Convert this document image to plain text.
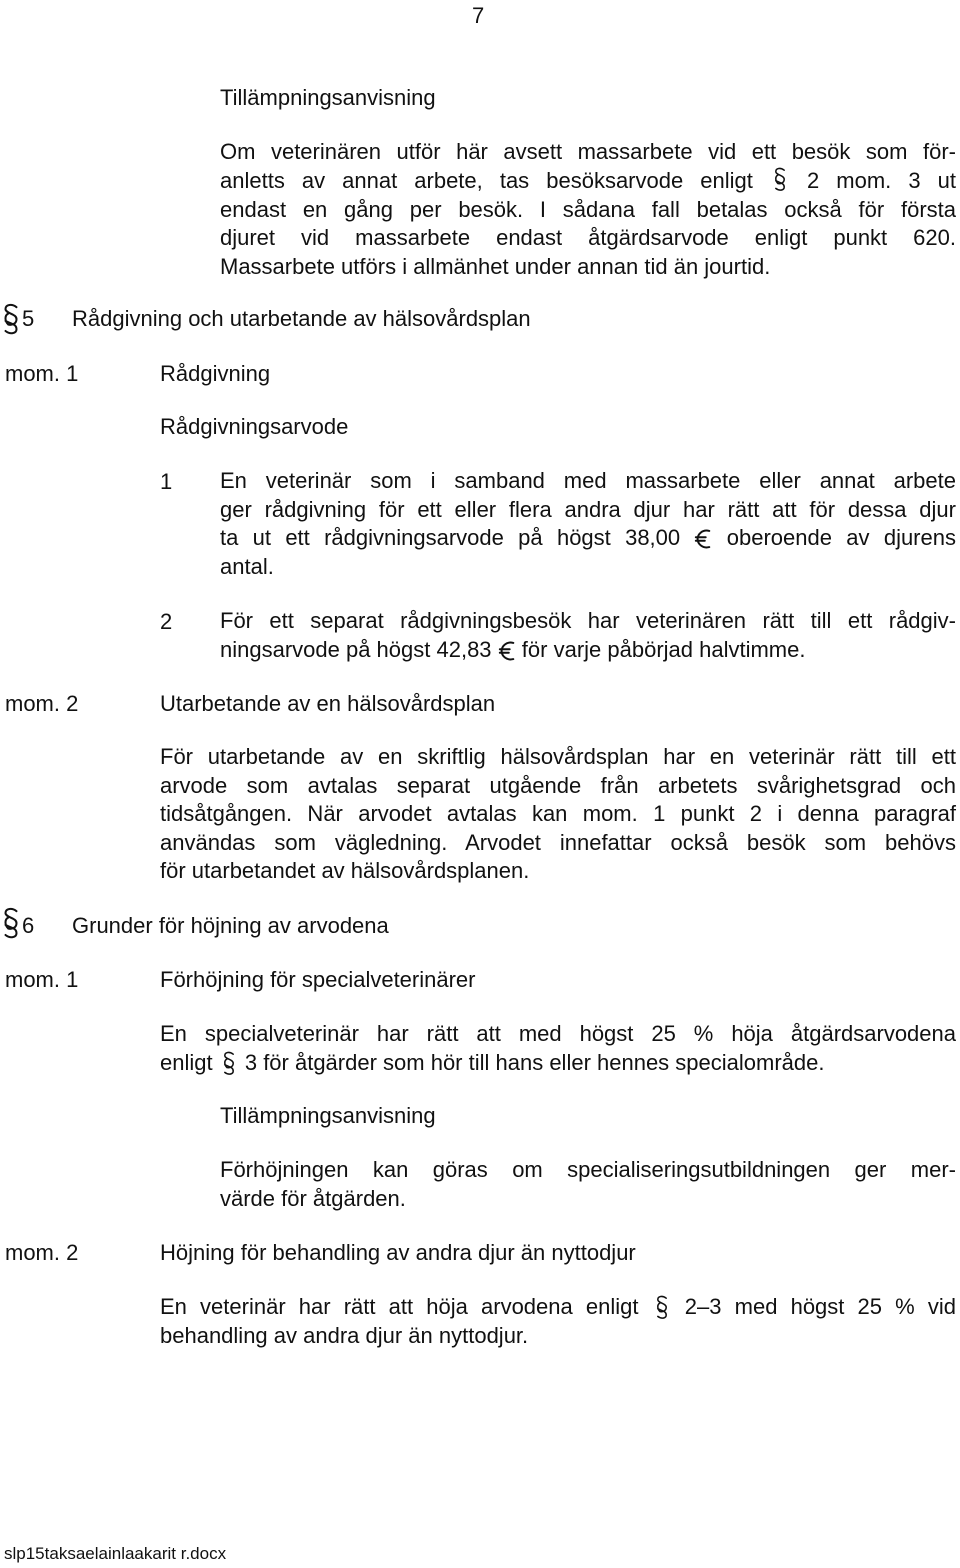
7
Tillämpningsanvisning
Om veterinären utför här avsett massarbete vid ett besök som för-
anletts av annat arbete, tas besöksarvode enligt 2 mom. 3 ut
endast en gång per besök. I sådana fall betalas också för första
djuret vid massarbete endast åtgärdsarvode enligt punkt 620.
Massarbete utförs i allmänhet under annan tid än jourtid.
5 Rådgivning och utarbetande av hälsovårdsplan
mom. 1	Rådgivning
Rådgivningsarvode
1 En veterinär som i samband med massarbete eller annat arbete
ger rådgivning för ett eller flera andra djur har rätt att för dessa djur
ta ut ett rådgivningsarvode på högst 38,00 oberoende av djurens
antal.
2 För ett separat rådgivningsbesök har veterinären rätt till ett rådgiv-
ningsarvode på högst 42,83 för varje påbörjad halvtimme.
mom. 2	Utarbetande av en hälsovårdsplan
För utarbetande av en skriftlig hälsovårdsplan har en veterinär rätt till ett
arvode som avtalas separat utgående från arbetets svårighetsgrad och
tidsåtgången. När arvodet avtalas kan mom. 1 punkt 2 i denna paragraf
användas som vägledning. Arvodet innefattar också besök som behövs
för utarbetandet av hälsovårdsplanen.
6 Grunder för höjning av arvodena
mom. 1	Förhöjning för specialveterinärer
En specialveterinär har rätt att med högst 25 % höja åtgärdsarvodena
enligt 3 för åtgärder som hör till hans eller hennes specialområde.
Tillämpningsanvisning
Förhöjningen kan göras om specialiseringsutbildningen ger mer-
värde för åtgärden.
mom. 2	Höjning för behandling av andra djur än nyttodjur
En veterinär har rätt att höja arvodena enligt 2–3 med högst 25 % vid
behandling av andra djur än nyttodjur.
slp15taksaelainlaakarit r.docx
